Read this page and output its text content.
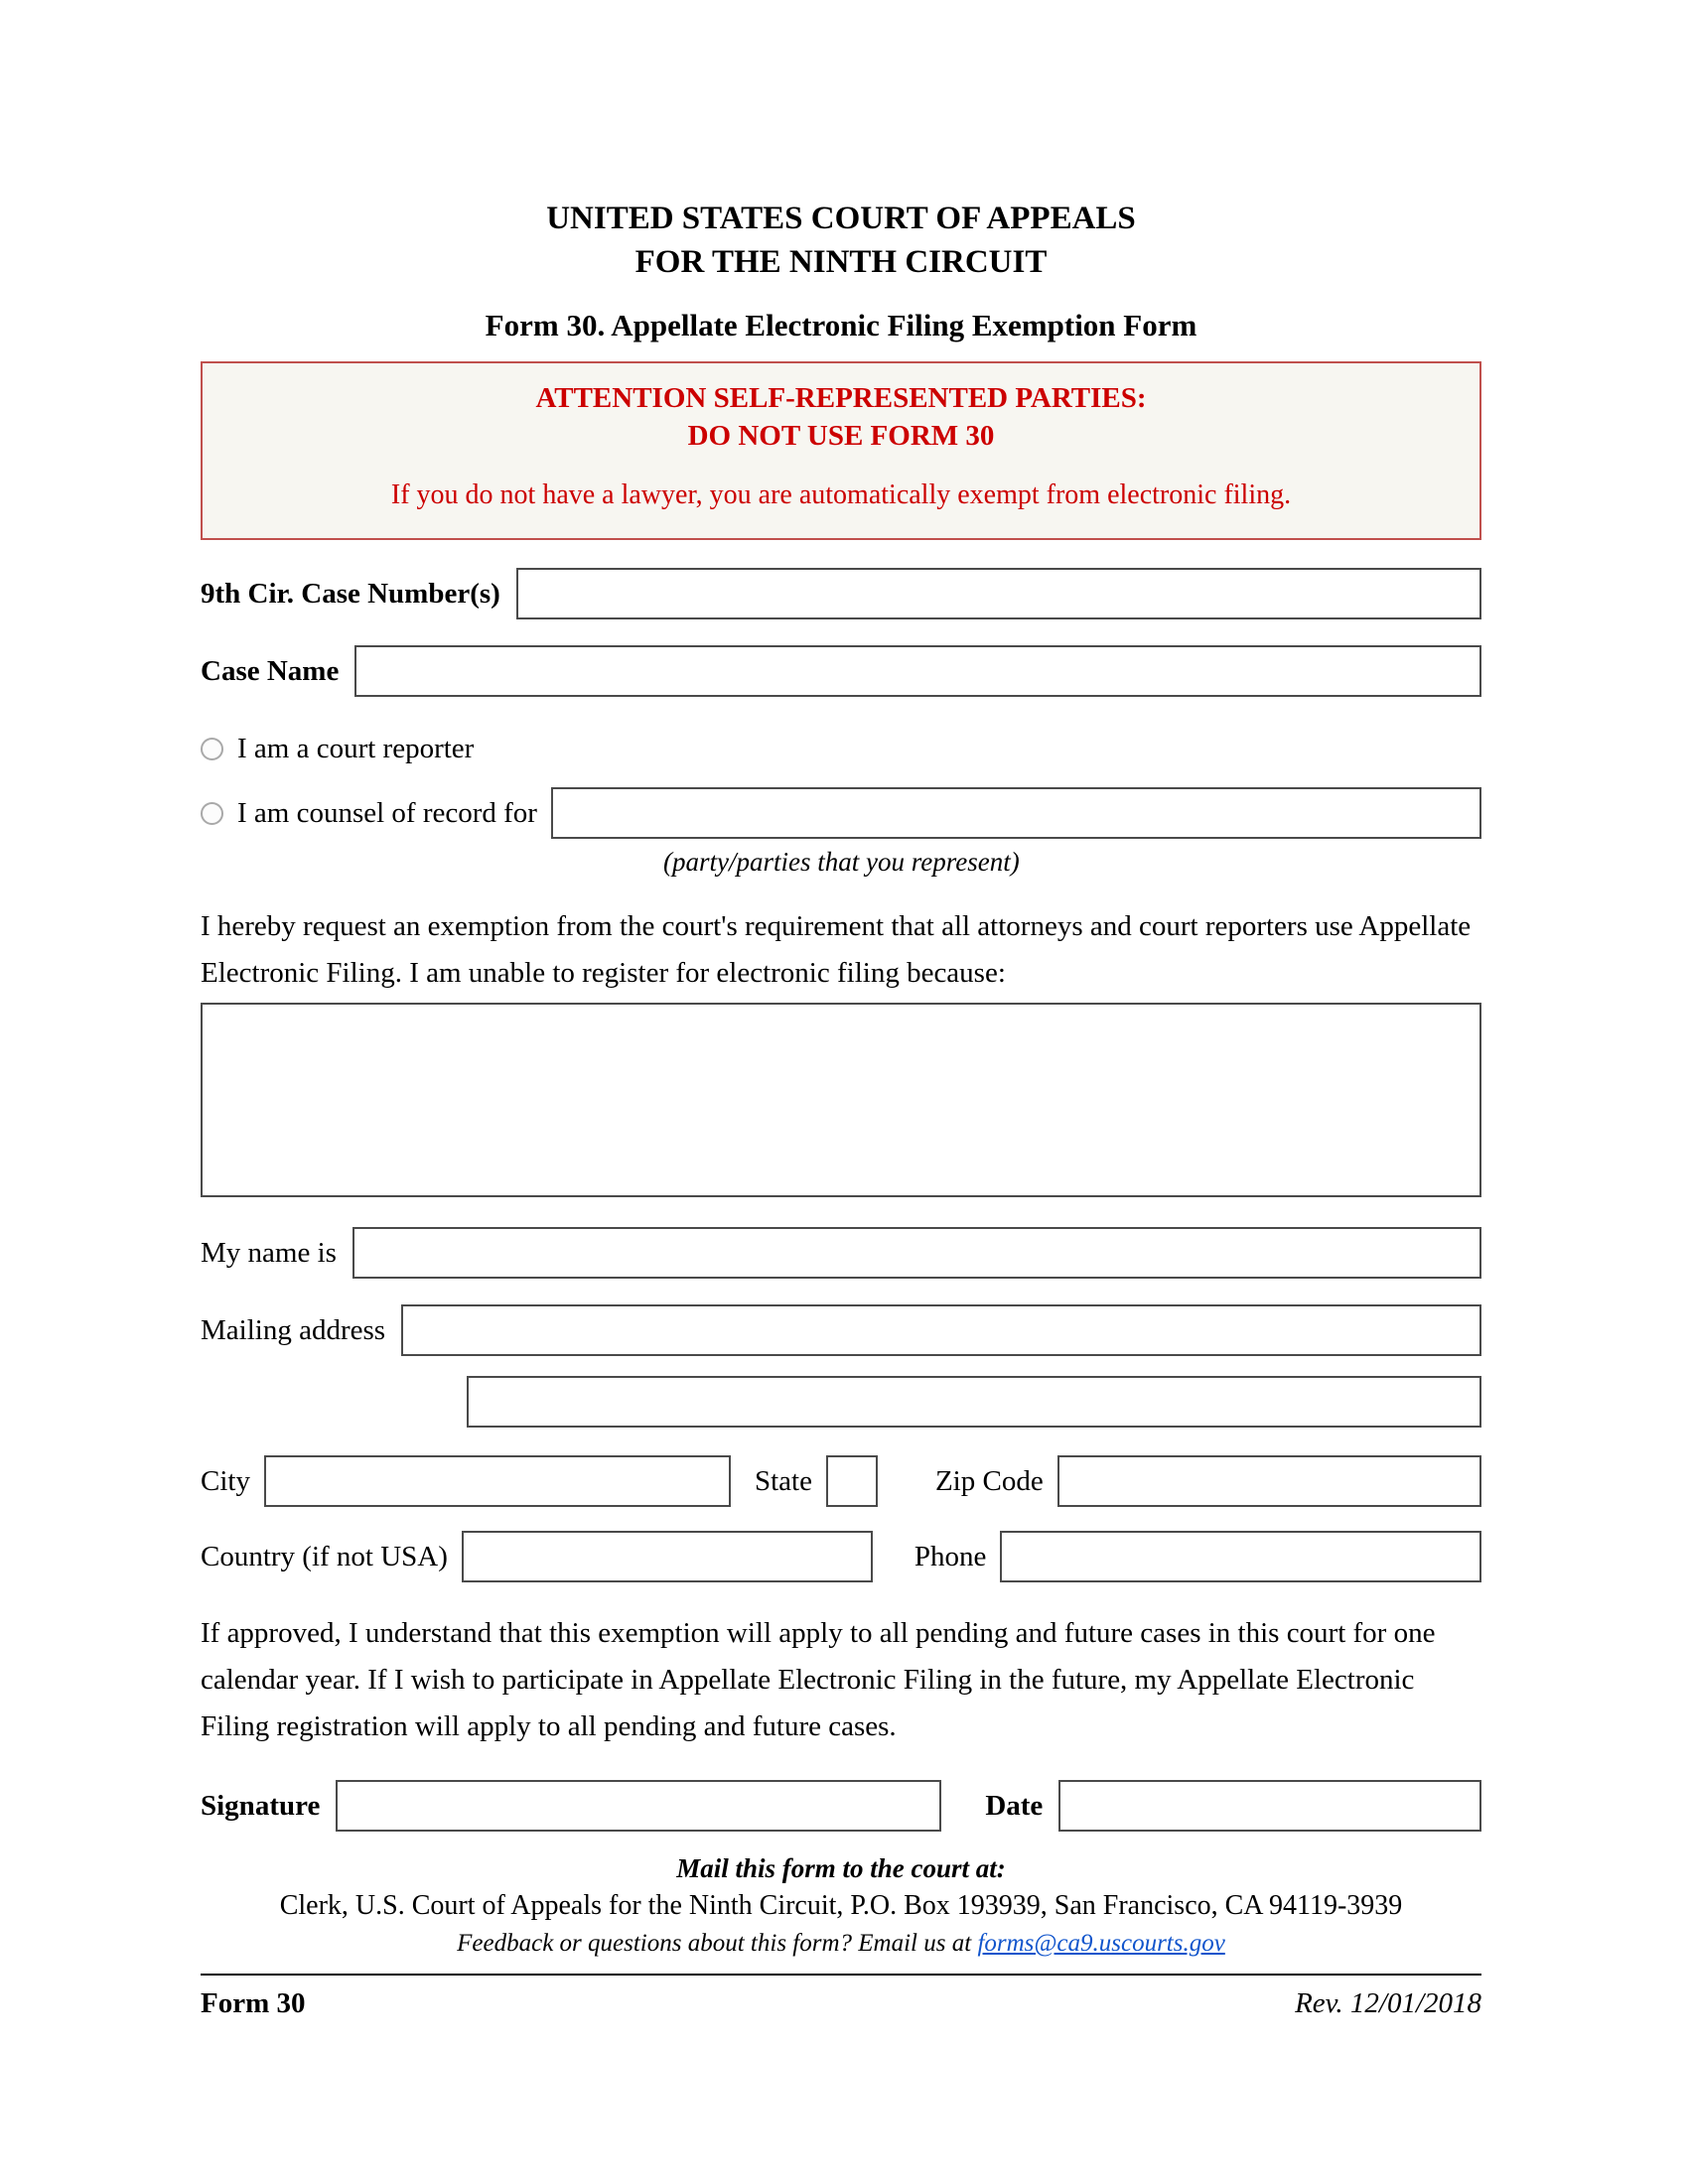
UNITED STATES COURT OF APPEALS
FOR THE NINTH CIRCUIT
Form 30. Appellate Electronic Filing Exemption Form
ATTENTION SELF-REPRESENTED PARTIES:
DO NOT USE FORM 30
If you do not have a lawyer, you are automatically exempt from electronic filing.
9th Cir. Case Number(s)
Case Name
I am a court reporter
I am counsel of record for
(party/parties that you represent)
I hereby request an exemption from the court's requirement that all attorneys and court reporters use Appellate Electronic Filing. I am unable to register for electronic filing because:
My name is
Mailing address
City	State	Zip Code
Country (if not USA)	Phone
If approved, I understand that this exemption will apply to all pending and future cases in this court for one calendar year. If I wish to participate in Appellate Electronic Filing in the future, my Appellate Electronic Filing registration will apply to all pending and future cases.
Signature	Date
Mail this form to the court at:
Clerk, U.S. Court of Appeals for the Ninth Circuit, P.O. Box 193939, San Francisco, CA 94119-3939
Feedback or questions about this form? Email us at forms@ca9.uscourts.gov
Form 30	Rev. 12/01/2018
